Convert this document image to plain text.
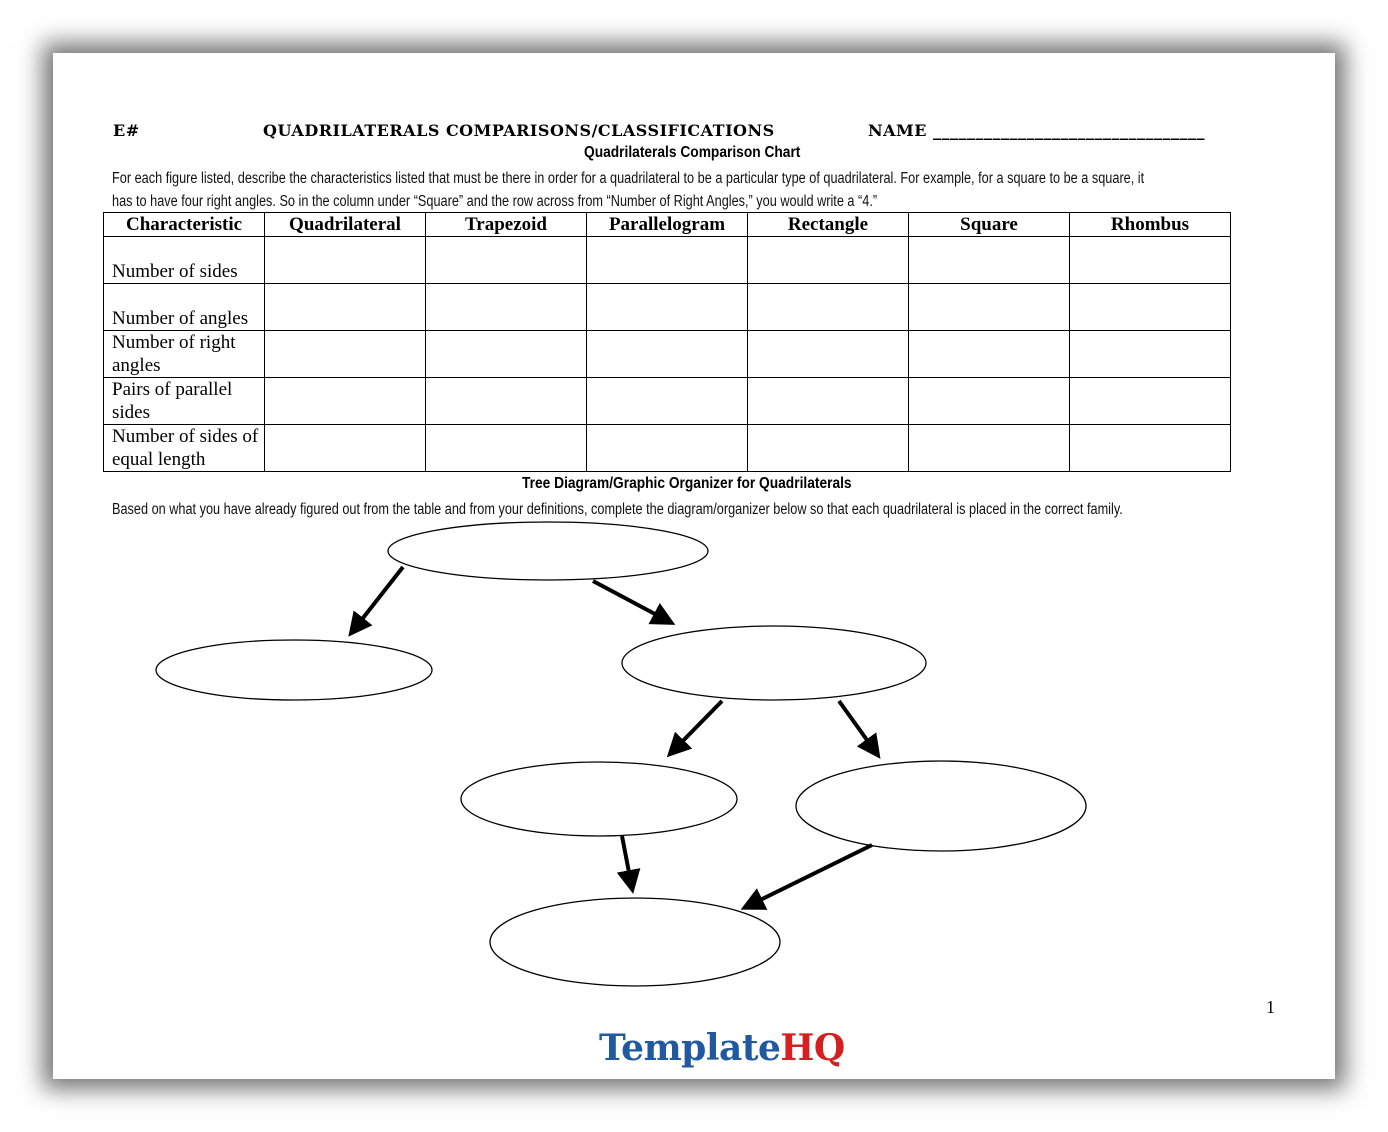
E#	QUADRILATERALS COMPARISONS/CLASSIFICATIONS	NAME ________________________________
Quadrilaterals Comparison Chart
For each figure listed, describe the characteristics listed that must be there in order for a quadrilateral to be a particular type of quadrilateral. For example, for a square to be a square, it
has to have four right angles. So in the column under “Square” and the row across from “Number of Right Angles,” you would write a “4.”
Characteristic	Quadrilateral	Trapezoid	Parallelogram	Rectangle	Square	Rhombus
Number of sides						
Number of angles						
Number of right angles						
Pairs of parallel sides						
Number of sides of equal length						
Tree Diagram/Graphic Organizer for Quadrilaterals
Based on what you have already figured out from the table and from your definitions, complete the diagram/organizer below so that each quadrilateral is placed in the correct family.
1
TemplateHQ
